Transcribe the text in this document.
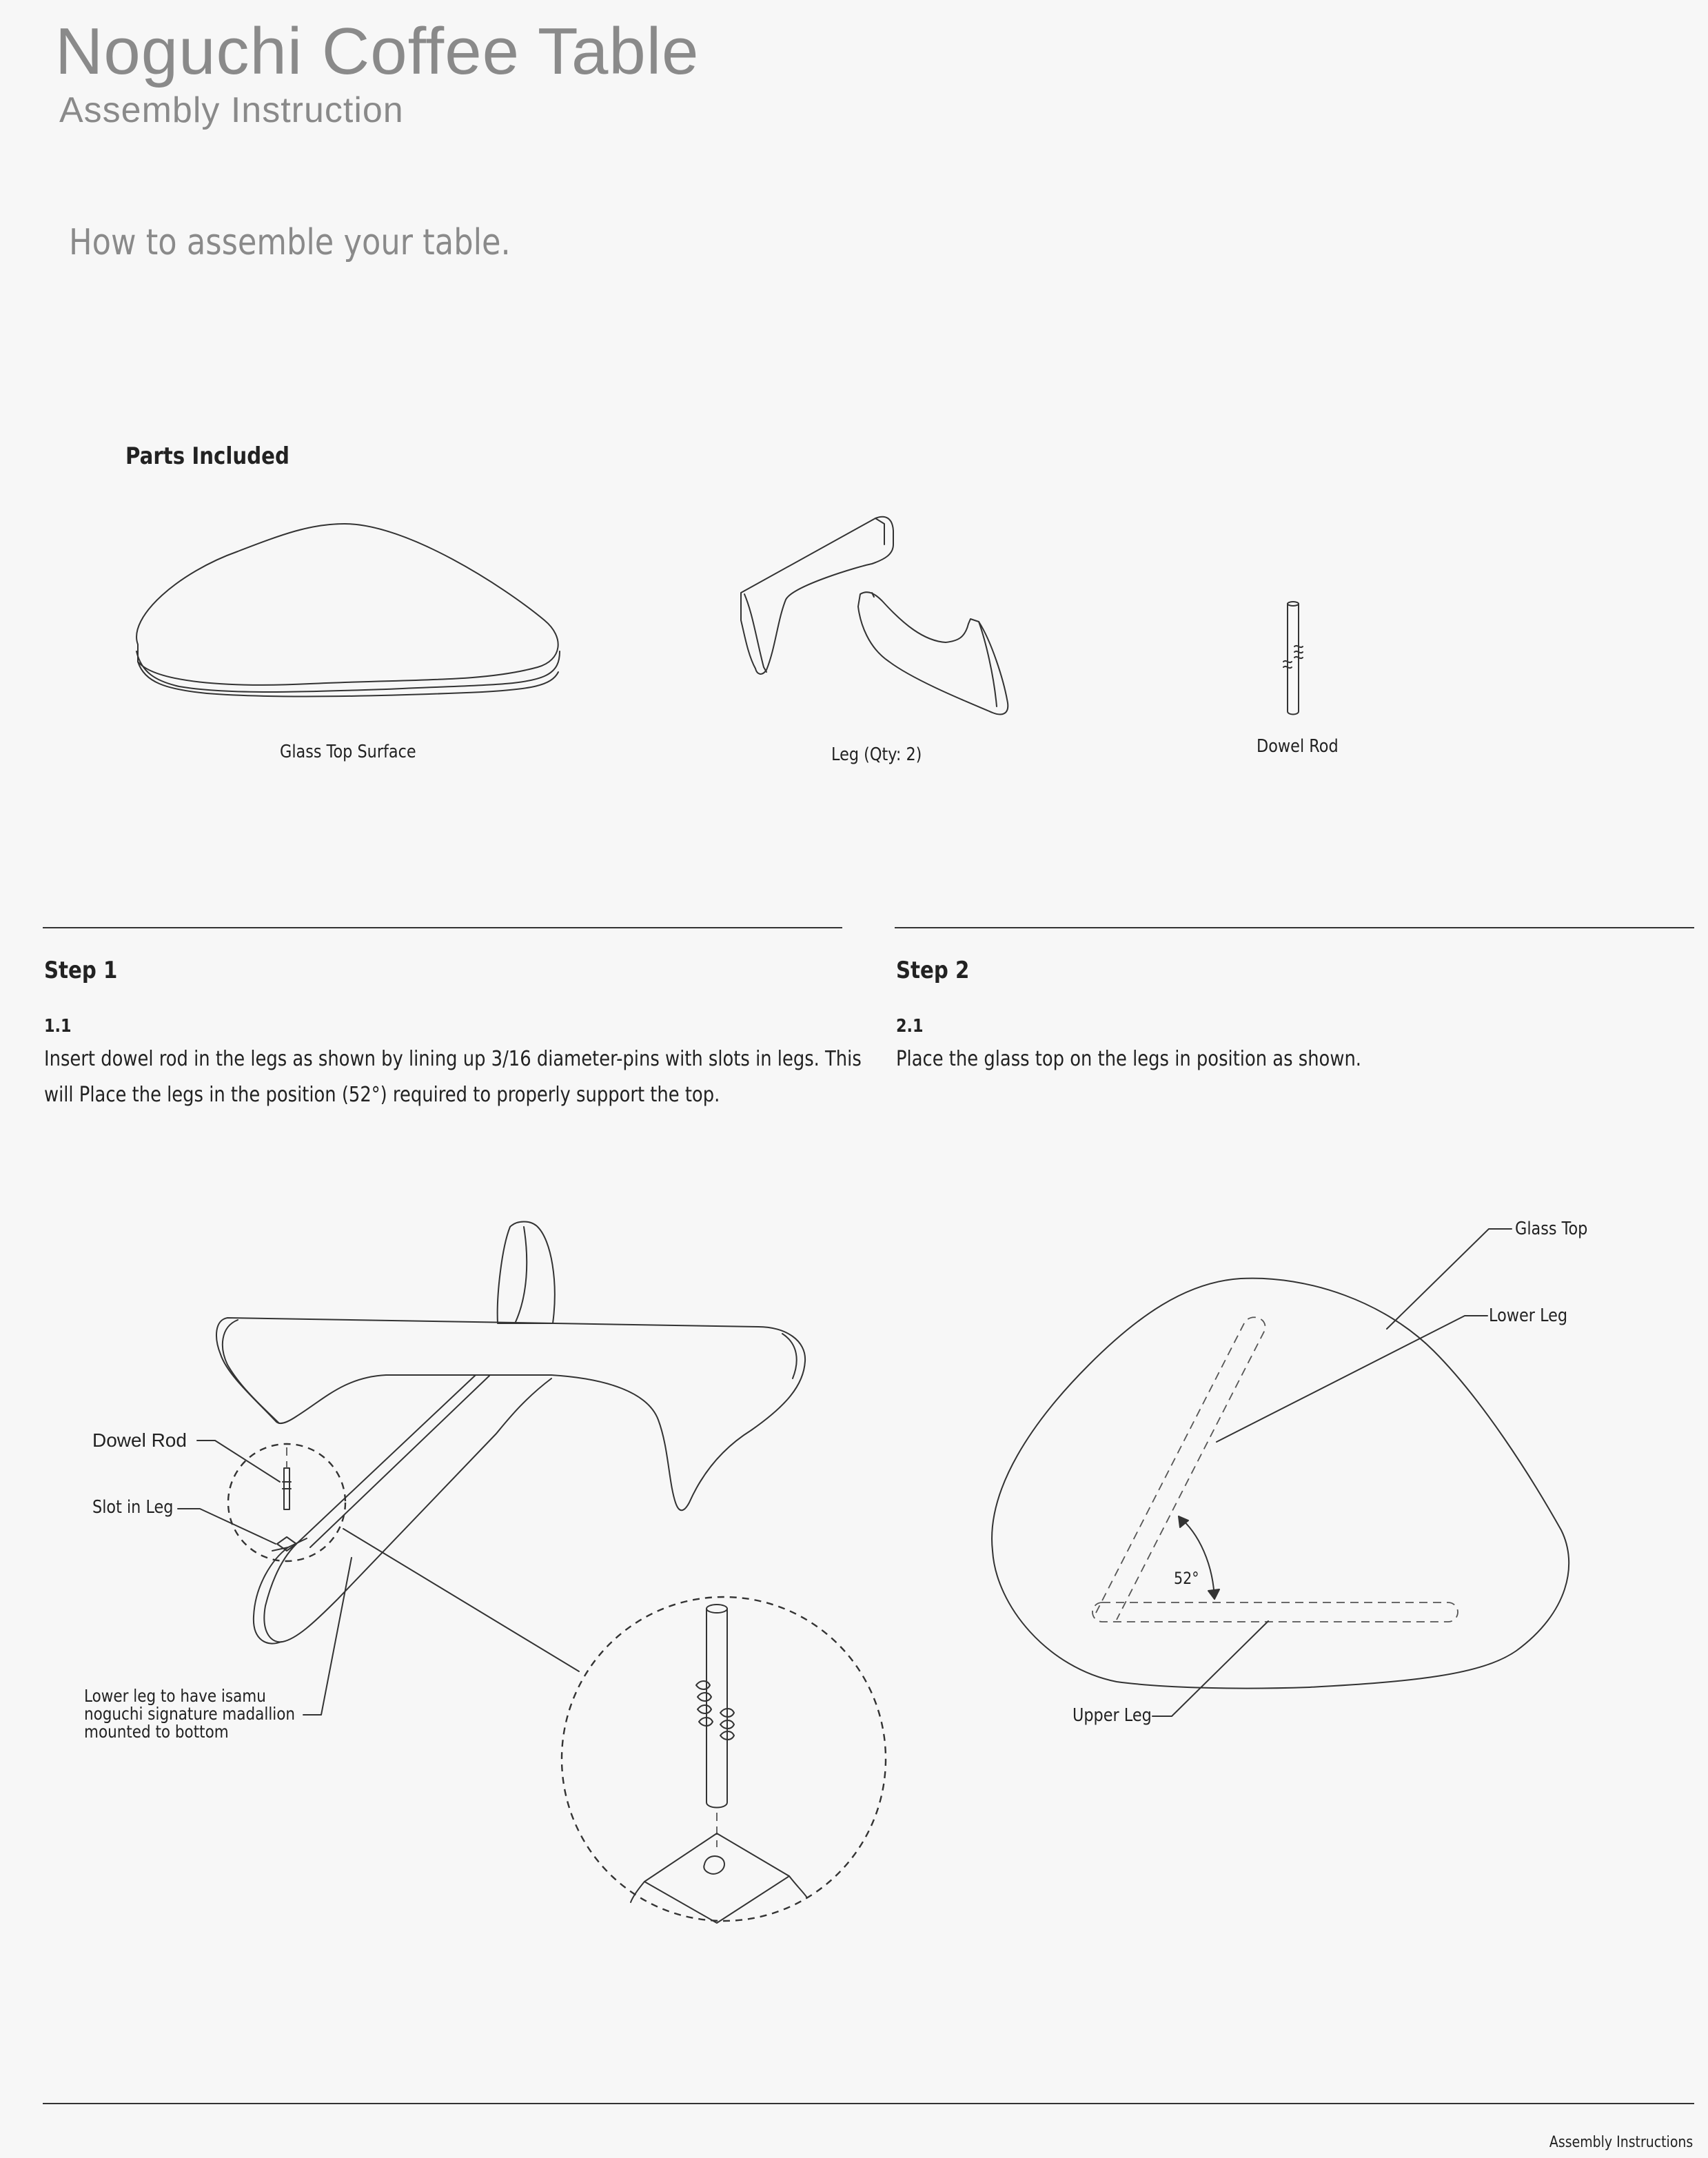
Noguchi Coffee Table
Assembly Instruction
How to assemble your table.
Parts Included
Glass Top Surface	Leg (Qty: 2)	Dowel Rod
Step 1
1.1
Insert dowel rod in the legs as shown by lining up 3/16 diameter-pins with slots in legs. This
will Place the legs in the position (52°) required to properly support the top.
Step 2
2.1
Place the glass top on the legs in position as shown.
Dowel Rod
Slot in Leg
Lower leg to have isamu
noguchi signature madallion
mounted to bottom
Glass Top
Lower Leg
Upper Leg
52°
Assembly Instructions
